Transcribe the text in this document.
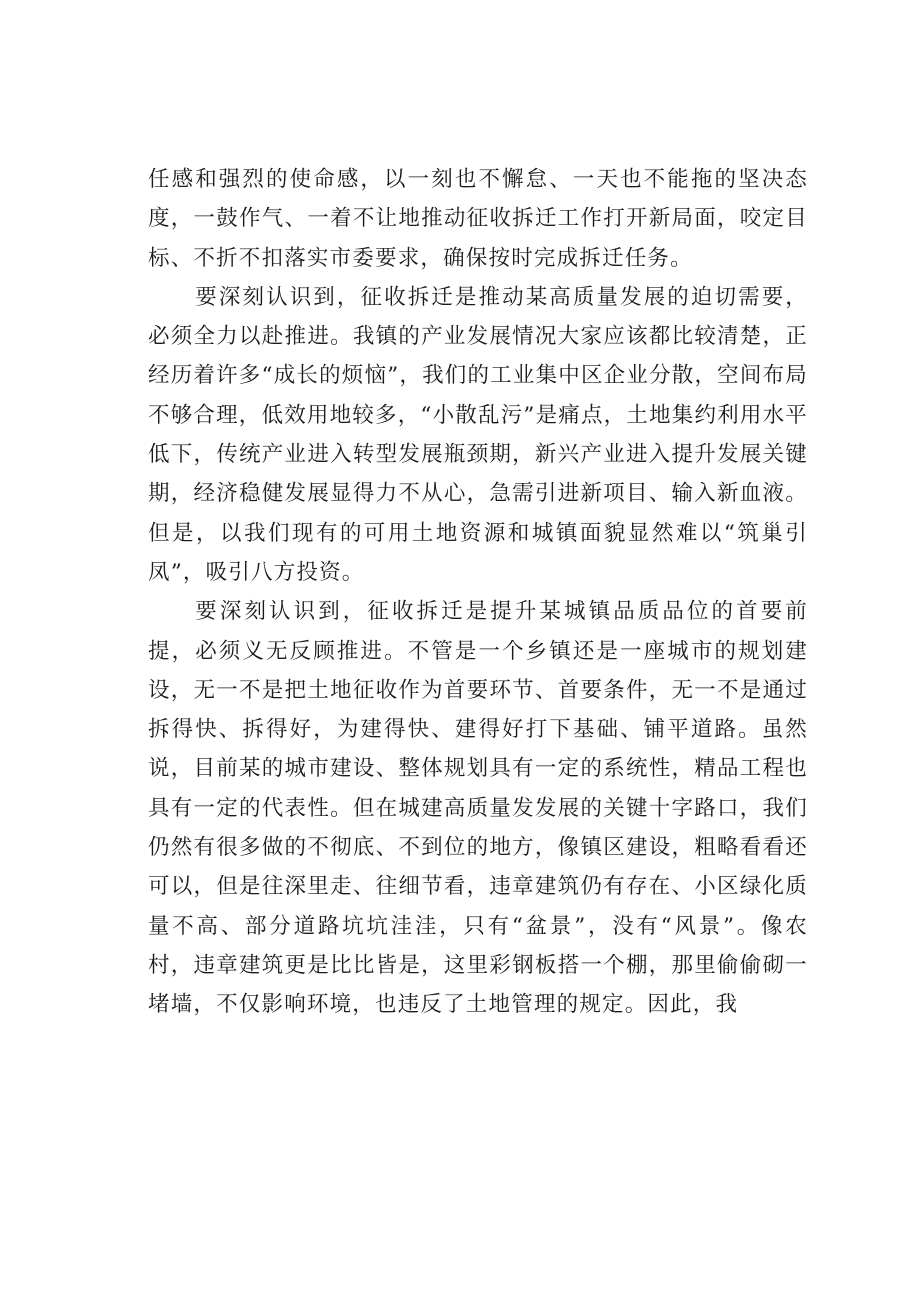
任感和强烈的使命感，以一刻也不懈怠、一天也不能拖的坚决态度，一鼓作气、一着不让地推动征收拆迁工作打开新局面，咬定目标、不折不扣落实市委要求，确保按时完成拆迁任务。

要深刻认识到，征收拆迁是推动某高质量发展的迫切需要，必须全力以赴推进。我镇的产业发展情况大家应该都比较清楚，正经历着许多“成长的烦恼”，我们的工业集中区企业分散，空间布局不够合理，低效用地较多，“小散乱污”是痛点，土地集约利用水平低下，传统产业进入转型发展瓶颈期，新兴产业进入提升发展关键期，经济稳健发展显得力不从心，急需引进新项目、输入新血液。但是，以我们现有的可用土地资源和城镇面貌显然难以“筑巢引凤”，吸引八方投资。

要深刻认识到，征收拆迁是提升某城镇品质品位的首要前提，必须义无反顾推进。不管是一个乡镇还是一座城市的规划建设，无一不是把土地征收作为首要环节、首要条件，无一不是通过拆得快、拆得好，为建得快、建得好打下基础、铺平道路。虽然说，目前某的城市建设、整体规划具有一定的系统性，精品工程也具有一定的代表性。但在城建高质量发发展的关键十字路口，我们仍然有很多做的不彻底、不到位的地方，像镇区建设，粗略看看还可以，但是往深里走、往细节看，违章建筑仍有存在、小区绿化质量不高、部分道路坑坑洼洼，只有“盆景”，没有“风景”。像农村，违章建筑更是比比皆是，这里彩钢板搭一个棚，那里偷偷砌一堵墙，不仅影响环境，也违反了土地管理的规定。因此，我
